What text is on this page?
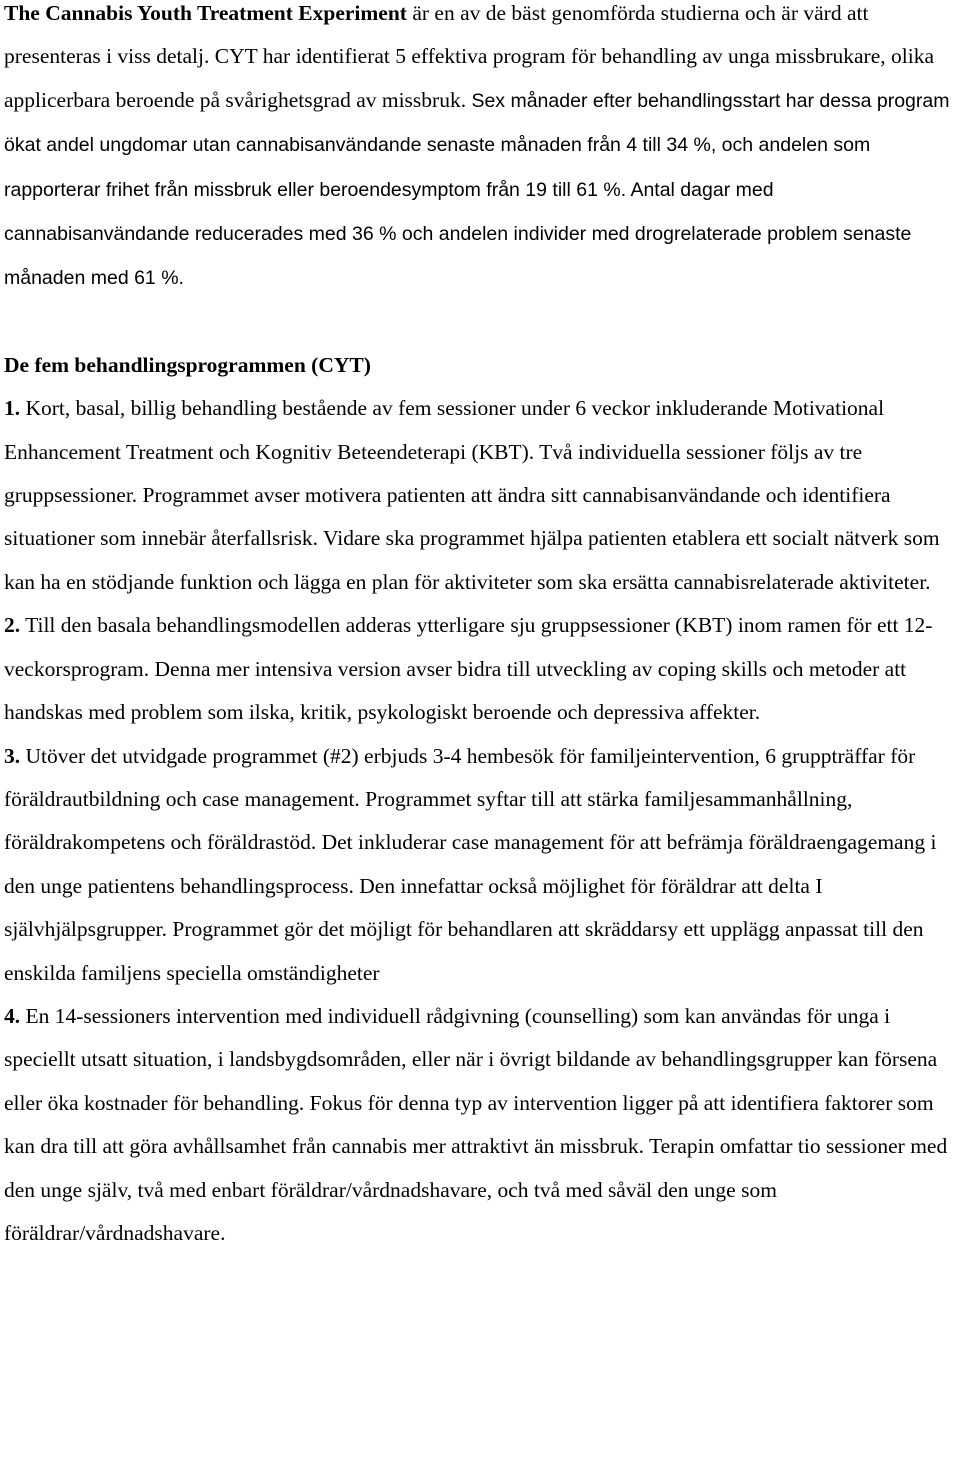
The Cannabis Youth Treatment Experiment är en av de bäst genomförda studierna och är värd att presenteras i viss detalj. CYT har identifierat 5 effektiva program för behandling av unga missbrukare, olika applicerbara beroende på svårighetsgrad av missbruk. Sex månader efter behandlingsstart har dessa program ökat andel ungdomar utan cannabisanvändande senaste månaden från 4 till 34 %, och andelen som rapporterar frihet från missbruk eller beroendesymptom från 19 till 61 %. Antal dagar med cannabisanvändande reducerades med 36 % och andelen individer med drogrelaterade problem senaste månaden med 61 %.

De fem behandlingsprogrammen (CYT)

1. Kort, basal, billig behandling bestående av fem sessioner under 6 veckor inkluderande Motivational Enhancement Treatment och Kognitiv Beteendeterapi (KBT). Två individuella sessioner följs av tre gruppsessioner. Programmet avser motivera patienten att ändra sitt cannabisanvändande och identifiera situationer som innebär återfallsrisk. Vidare ska programmet hjälpa patienten etablera ett socialt nätverk som kan ha en stödjande funktion och lägga en plan för aktiviteter som ska ersätta cannabisrelaterade aktiviteter.

2. Till den basala behandlingsmodellen adderas ytterligare sju gruppsessioner (KBT) inom ramen för ett 12-veckorsprogram. Denna mer intensiva version avser bidra till utveckling av coping skills och metoder att handskas med problem som ilska, kritik, psykologiskt beroende och depressiva affekter.

3. Utöver det utvidgade programmet (#2) erbjuds 3-4 hembesök för familjeintervention, 6 gruppträffar för föräldrautbildning och case management. Programmet syftar till att stärka familjesammanhållning, föräldrakompetens och föräldrastöd. Det inkluderar case management för att befrämja föräldraengagemang i den unge patientens behandlingsprocess. Den innefattar också möjlighet för föräldrar att delta I självhjälpsgrupper. Programmet gör det möjligt för behandlaren att skräddarsy ett upplägg anpassat till den enskilda familjens speciella omständigheter

4. En 14-sessioners intervention med individuell rådgivning (counselling) som kan användas för unga i speciellt utsatt situation, i landsbygdsområden, eller när i övrigt bildande av behandlingsgrupper kan försena eller öka kostnader för behandling. Fokus för denna typ av intervention ligger på att identifiera faktorer som kan dra till att göra avhållsamhet från cannabis mer attraktivt än missbruk. Terapin omfattar tio sessioner med den unge själv, två med enbart föräldrar/vårdnadshavare, och två med såväl den unge som föräldrar/vårdnadshavare.
